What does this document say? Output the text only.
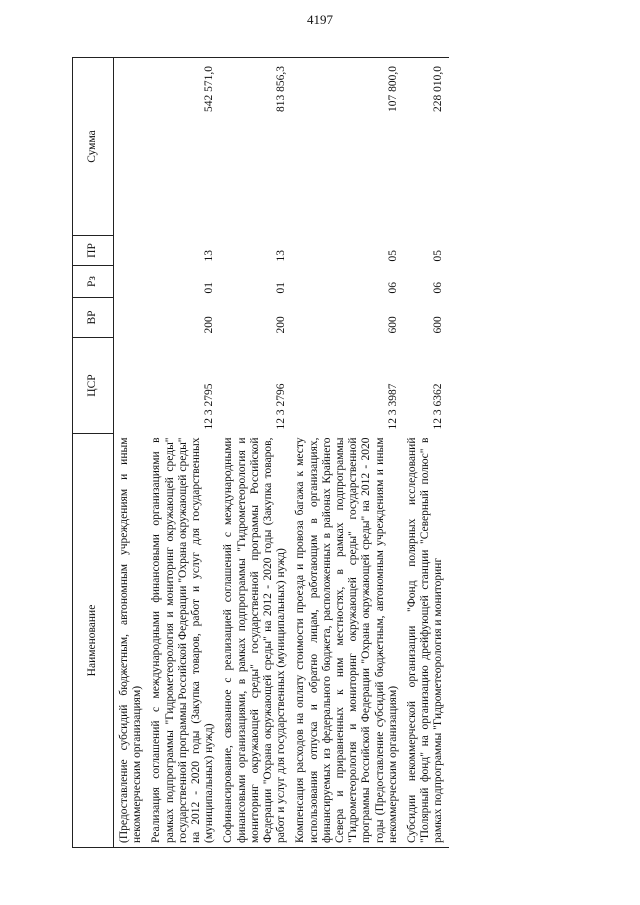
4197
Наименование	ЦСР	ВР	Рз	ПР	Сумма
(Предоставление субсидий бюджетным, автономным учреждениям и иным некоммерческим организациям)					
Реализация соглашений с международными финансовыми организациями в рамках подпрограммы "Гидрометеорология и мониторинг окружающей среды" государственной программы Российской Федерации "Охрана окружающей среды" на 2012 - 2020 годы (Закупка товаров, работ и услуг для государственных (муниципальных) нужд)	12 3 2795	200	01	13	542 571,0
Софинансирование, связанное с реализацией соглашений с международными финансовыми организациями, в рамках подпрограммы "Гидрометеорология и мониторинг окружающей среды" государственной программы Российской Федерации "Охрана окружающей среды" на 2012 - 2020 годы (Закупка товаров, работ и услуг для государственных (муниципальных) нужд)	12 3 2796	200	01	13	813 856,3
Компенсация расходов на оплату стоимости проезда и провоза багажа к месту использования отпуска и обратно лицам, работающим в организациях, финансируемых из федерального бюджета, расположенных в районах Крайнего Севера и приравненных к ним местностях, в рамках подпрограммы "Гидрометеорология и мониторинг окружающей среды" государственной программы Российской Федерации "Охрана окружающей среды" на 2012 - 2020 годы (Предоставление субсидий бюджетным, автономным учреждениям и иным некоммерческим организациям)	12 3 3987	600	06	05	107 800,0
Субсидии некоммерческой организации "Фонд полярных исследований "Полярный фонд" на организацию дрейфующей станции "Северный полюс" в рамках подпрограммы "Гидрометеорология и мониторинг	12 3 6362	600	06	05	228 010,0
